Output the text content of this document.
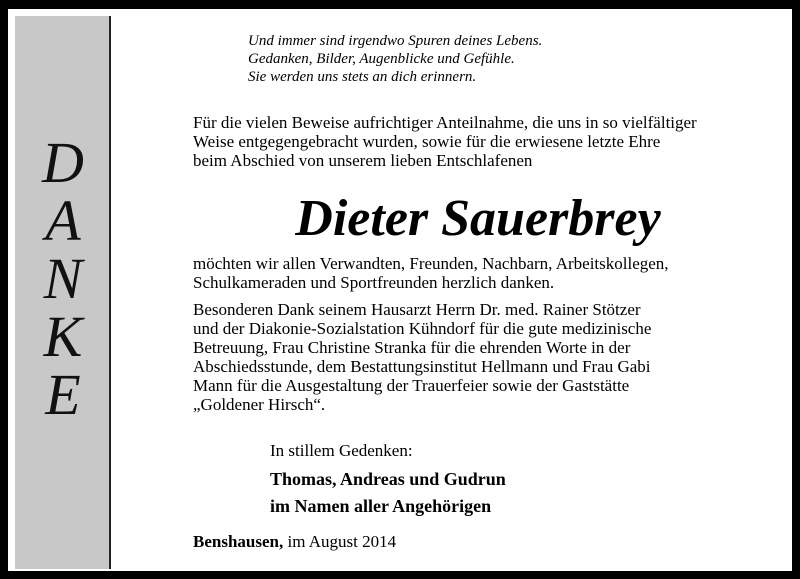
D
A
N
K
E
Und immer sind irgendwo Spuren deines Lebens.
Gedanken, Bilder, Augenblicke und Gefühle.
Sie werden uns stets an dich erinnern.
Für die vielen Beweise aufrichtiger Anteilnahme, die uns in so vielfältiger
Weise entgegengebracht wurden, sowie für die erwiesene letzte Ehre
beim Abschied von unserem lieben Entschlafenen
Dieter Sauerbrey
möchten wir allen Verwandten, Freunden, Nachbarn, Arbeitskollegen,
Schulkameraden und Sportfreunden herzlich danken.
Besonderen Dank seinem Hausarzt Herrn Dr. med. Rainer Stötzer
und der Diakonie-Sozialstation Kühndorf für die gute medizinische
Betreuung, Frau Christine Stranka für die ehrenden Worte in der
Abschiedsstunde, dem Bestattungsinstitut Hellmann und Frau Gabi
Mann für die Ausgestaltung der Trauerfeier sowie der Gaststätte
„Goldener Hirsch“.
In stillem Gedenken:
Thomas, Andreas und Gudrun
im Namen aller Angehörigen
Benshausen, im August 2014
